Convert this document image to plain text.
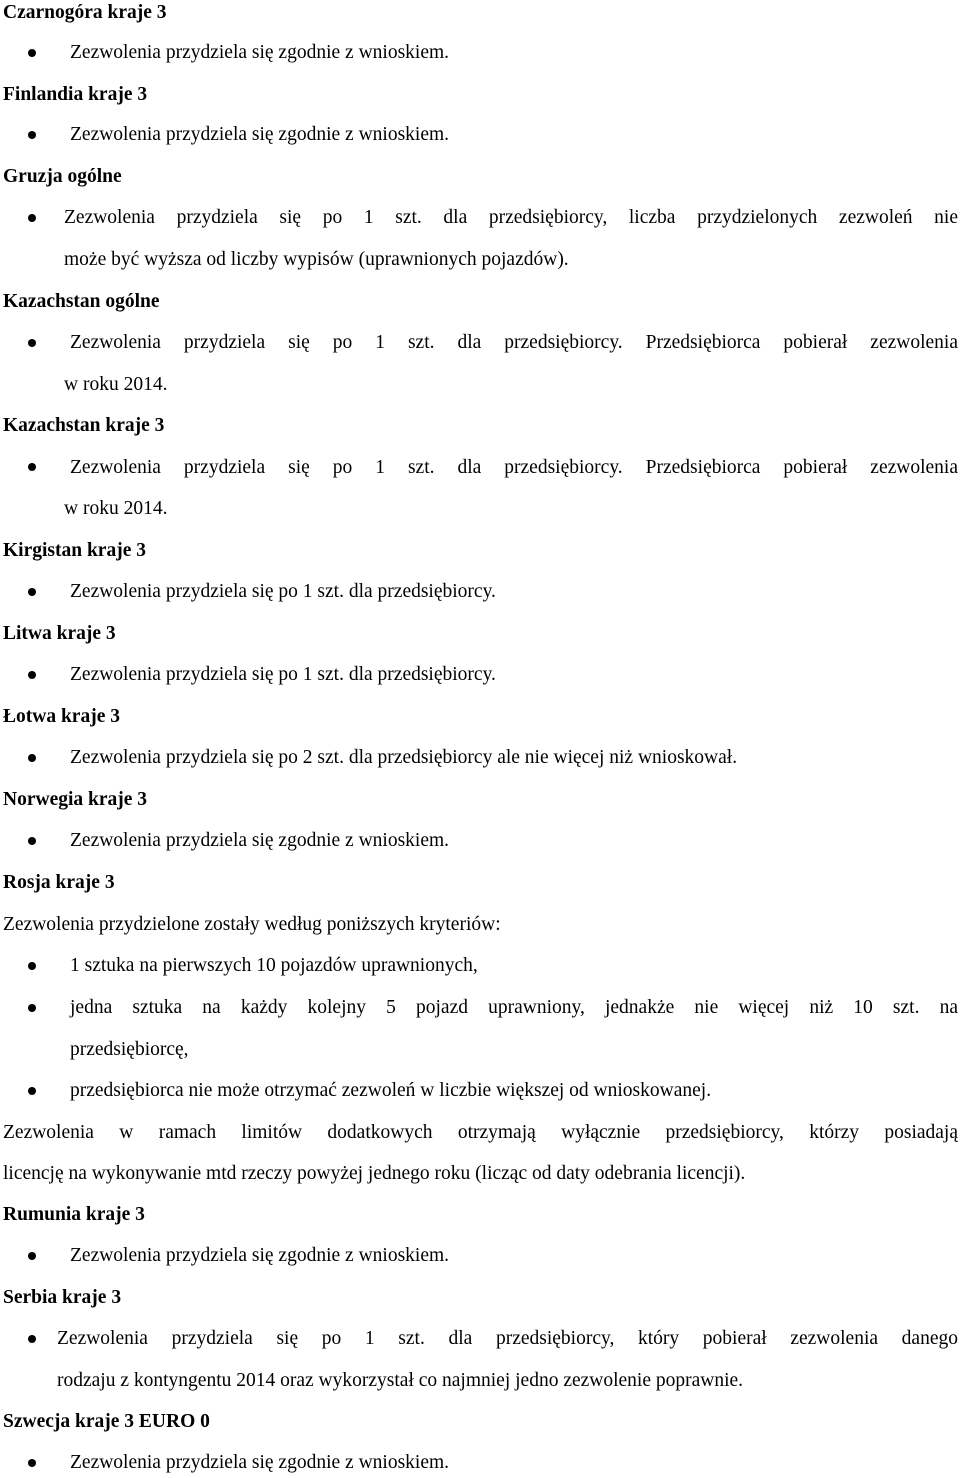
Czarnogóra kraje 3
Zezwolenia przydziela się zgodnie z wnioskiem.
Finlandia kraje 3
Zezwolenia przydziela się zgodnie z wnioskiem.
Gruzja ogólne
Zezwolenia przydziela się po 1 szt. dla przedsiębiorcy, liczba przydzielonych zezwoleń nie
może być wyższa od liczby wypisów (uprawnionych pojazdów).
Kazachstan ogólne
Zezwolenia przydziela się po 1 szt. dla przedsiębiorcy. Przedsiębiorca pobierał zezwolenia
w roku 2014.
Kazachstan kraje 3
Zezwolenia przydziela się po 1 szt. dla przedsiębiorcy. Przedsiębiorca pobierał zezwolenia
w roku 2014.
Kirgistan kraje 3
Zezwolenia przydziela się po 1 szt. dla przedsiębiorcy.
Litwa kraje 3
Zezwolenia przydziela się po 1 szt. dla przedsiębiorcy.
Łotwa kraje 3
Zezwolenia przydziela się po 2 szt. dla przedsiębiorcy ale nie więcej niż wnioskował.
Norwegia kraje 3
Zezwolenia przydziela się zgodnie z wnioskiem.
Rosja kraje 3
Zezwolenia przydzielone zostały według poniższych kryteriów:
1 sztuka na pierwszych 10 pojazdów uprawnionych,
jedna sztuka na każdy kolejny 5 pojazd uprawniony, jednakże nie więcej niż 10 szt. na
przedsiębiorcę,
przedsiębiorca nie może otrzymać zezwoleń w liczbie większej od wnioskowanej.
Zezwolenia w ramach limitów dodatkowych otrzymają wyłącznie przedsiębiorcy, którzy posiadają
licencję na wykonywanie mtd rzeczy powyżej jednego roku (licząc od daty odebrania licencji).
Rumunia kraje 3
Zezwolenia przydziela się zgodnie z wnioskiem.
Serbia kraje 3
Zezwolenia przydziela się po 1 szt. dla przedsiębiorcy, który pobierał zezwolenia danego
rodzaju z kontyngentu 2014 oraz wykorzystał co najmniej jedno zezwolenie poprawnie.
Szwecja kraje 3 EURO 0
Zezwolenia przydziela się zgodnie z wnioskiem.
